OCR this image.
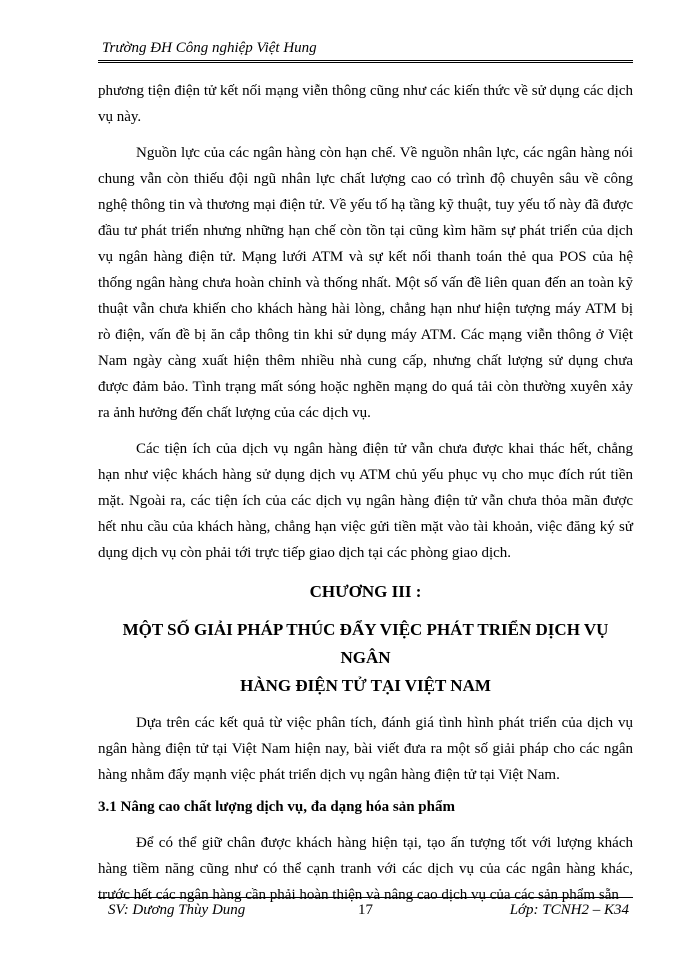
Trường ĐH Công nghiệp Việt Hung

phương tiện điện tử kết nối mạng viễn thông cũng như các kiến thức về sử dụng các dịch vụ này.

Nguồn lực của các ngân hàng còn hạn chế. Về nguồn nhân lực, các ngân hàng nói chung vẫn còn thiếu đội ngũ nhân lực chất lượng cao có trình độ chuyên sâu về công nghệ thông tin và thương mại điện tử. Về yếu tố hạ tầng kỹ thuật, tuy yếu tố này đã được đầu tư phát triển nhưng những hạn chế còn tồn tại cũng kìm hãm sự phát triển của dịch vụ ngân hàng điện tử. Mạng lưới ATM và sự kết nối thanh toán thẻ qua POS của hệ thống ngân hàng chưa hoàn chỉnh và thống nhất. Một số vấn đề liên quan đến an toàn kỹ thuật vẫn chưa khiến cho khách hàng hài lòng, chẳng hạn như hiện tượng máy ATM bị rò điện, vấn đề bị ăn cắp thông tin khi sử dụng máy ATM. Các mạng viễn thông ở Việt Nam ngày càng xuất hiện thêm nhiều nhà cung cấp, nhưng chất lượng sử dụng chưa được đảm bảo. Tình trạng mất sóng hoặc nghẽn mạng do quá tải còn thường xuyên xảy ra ảnh hưởng đến chất lượng của các dịch vụ.

Các tiện ích của dịch vụ ngân hàng điện tử vẫn chưa được khai thác hết, chẳng hạn như việc khách hàng sử dụng dịch vụ ATM chủ yếu phục vụ cho mục đích rút tiền mặt. Ngoài ra, các tiện ích của các dịch vụ ngân hàng điện tử vẫn chưa thỏa mãn được hết nhu cầu của khách hàng, chẳng hạn việc gửi tiền mặt vào tài khoản, việc đăng ký sử dụng dịch vụ còn phải tới trực tiếp giao dịch tại các phòng giao dịch.

CHƯƠNG III :
MỘT SỐ GIẢI PHÁP THÚC ĐẨY VIỆC PHÁT TRIỂN DỊCH VỤ NGÂN
HÀNG ĐIỆN TỬ TẠI VIỆT NAM

Dựa trên các kết quả từ việc phân tích, đánh giá tình hình phát triển của dịch vụ ngân hàng điện tử tại Việt Nam hiện nay, bài viết đưa ra một số giải pháp cho các ngân hàng nhằm đẩy mạnh việc phát triển dịch vụ ngân hàng điện tử tại Việt Nam.

3.1 Nâng cao chất lượng dịch vụ, đa dạng hóa sản phẩm

Để có thể giữ chân được khách hàng hiện tại, tạo ấn tượng tốt với lượng khách hàng tiềm năng cũng như có thể cạnh tranh với các dịch vụ của các ngân hàng khác, trước hết các ngân hàng cần phải hoàn thiện và nâng cao dịch vụ của các sản phẩm sẵn

SV: Dương Thùy Dung	17	Lớp: TCNH2 – K34
